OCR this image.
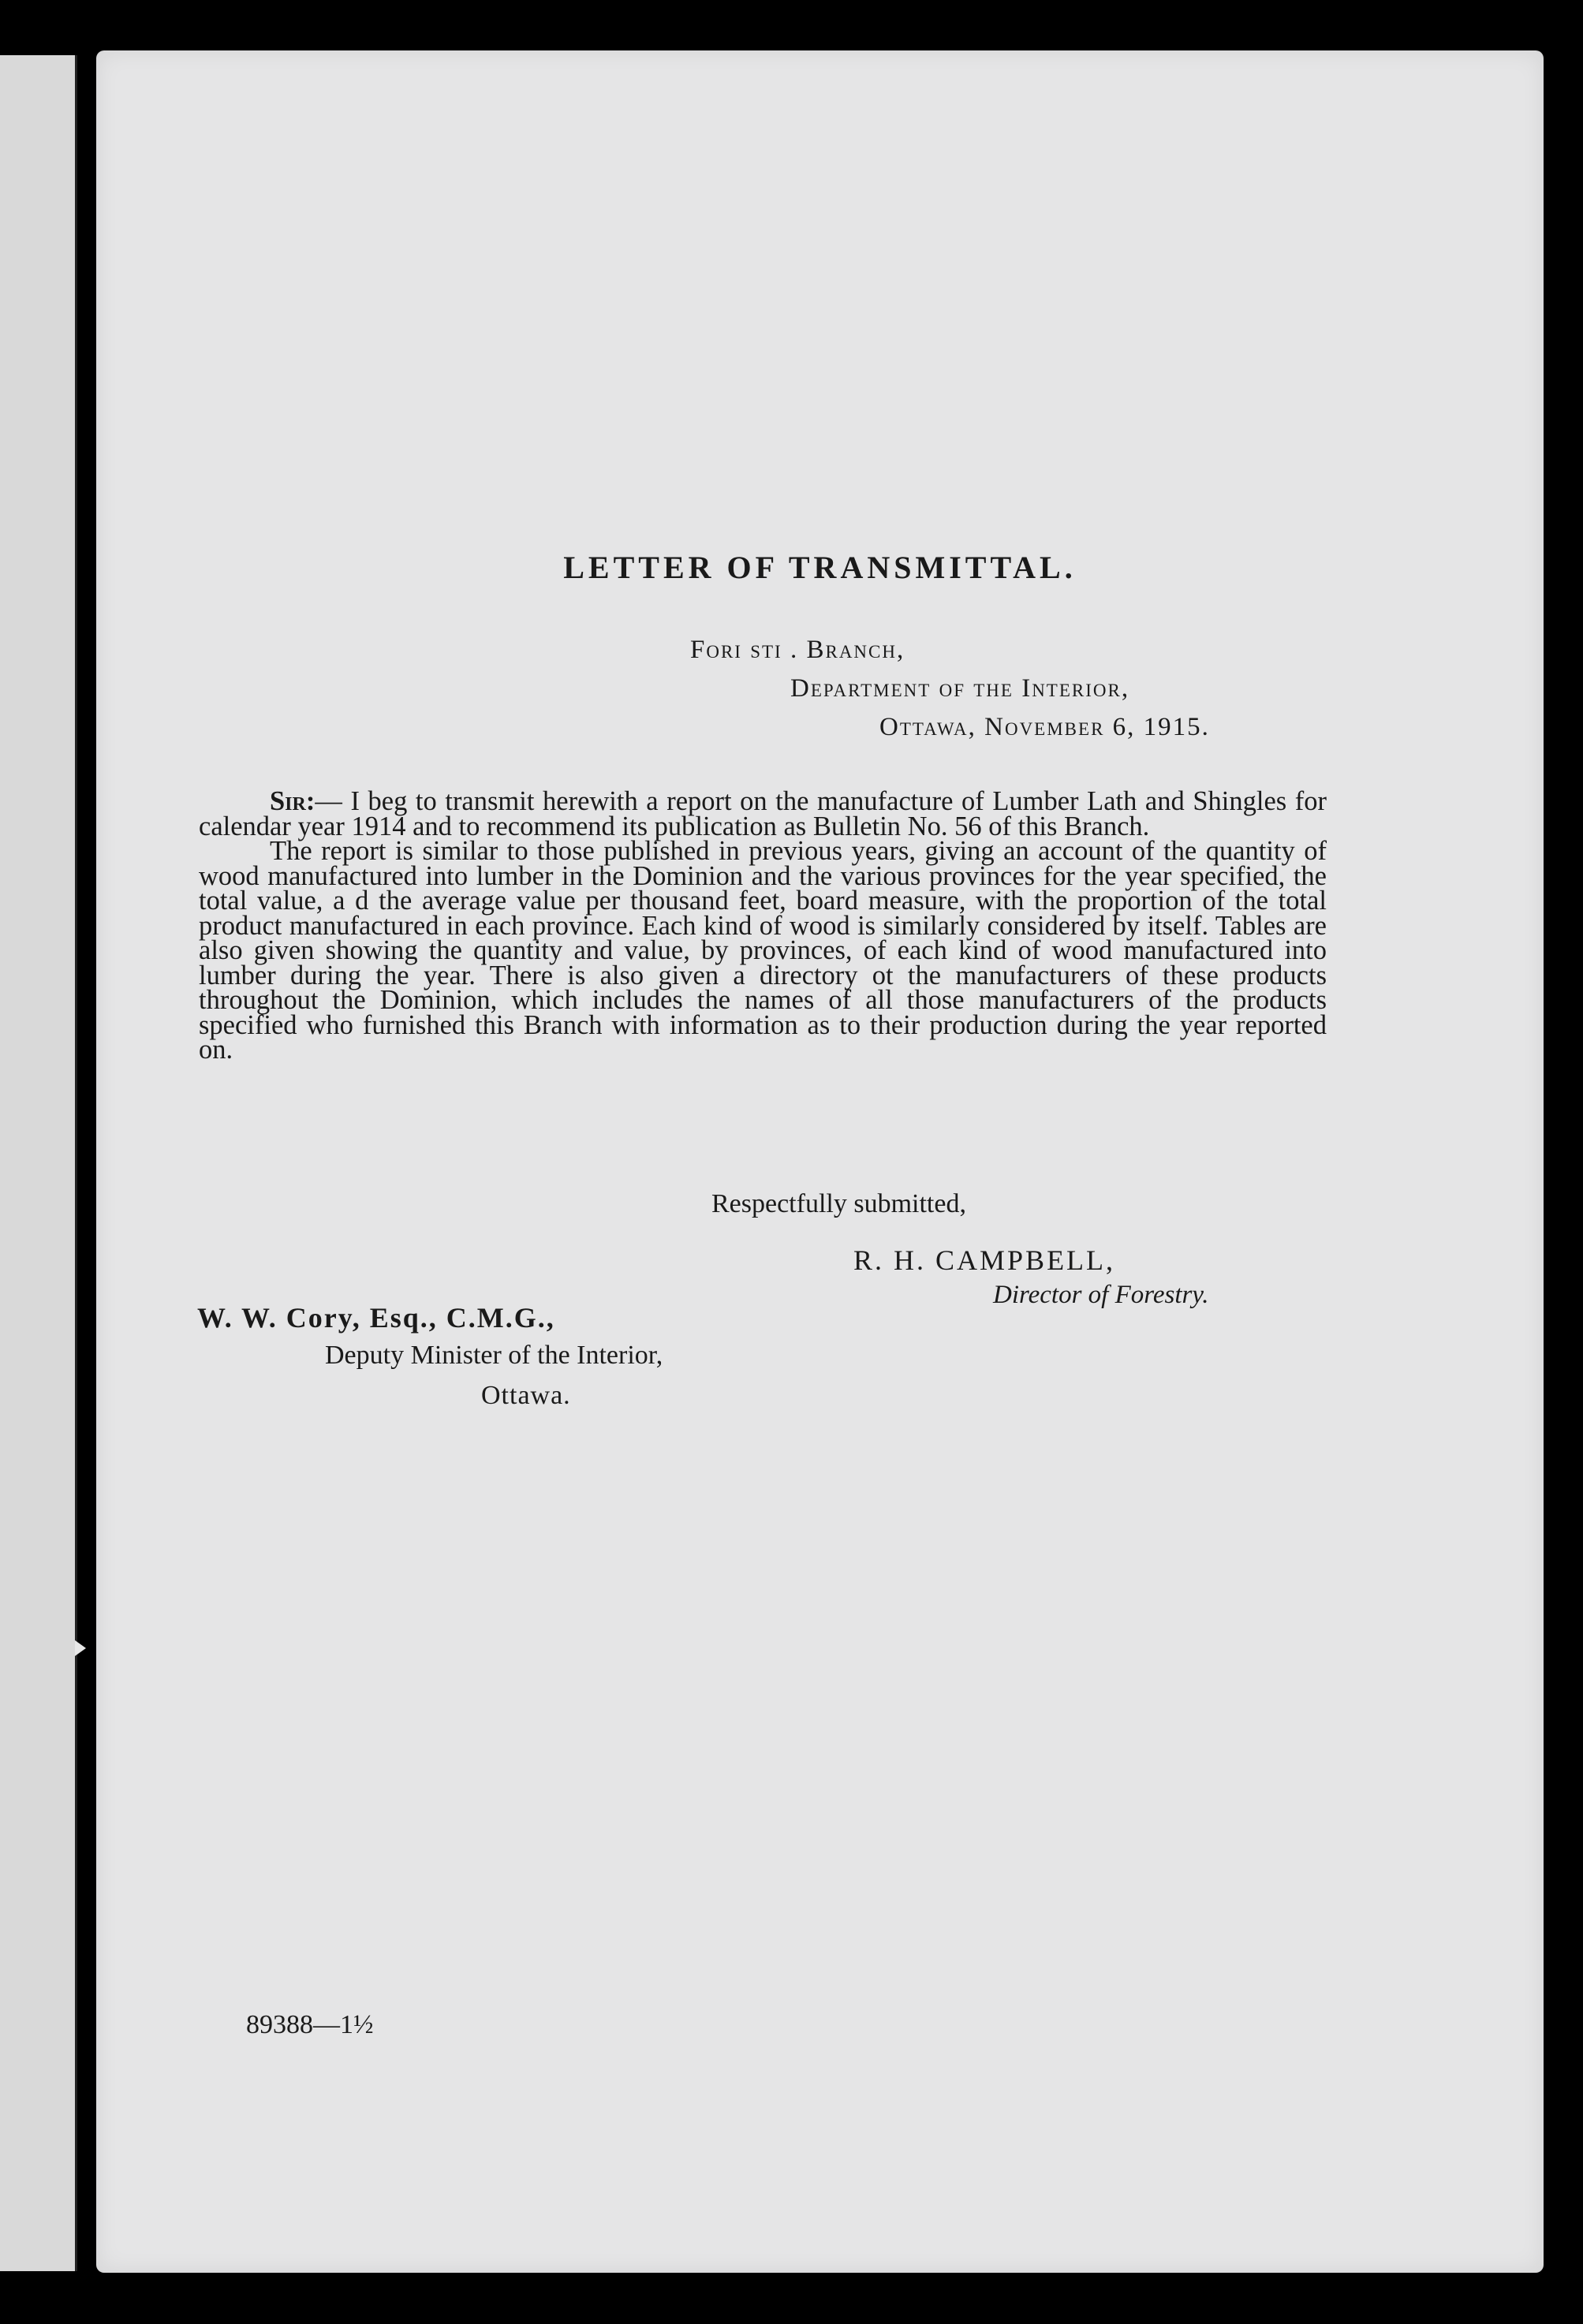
LETTER OF TRANSMITTAL.
Fori sti . Branch,
Department of the Interior,
Ottawa, November 6, 1915.

Sir:— I beg to transmit herewith a report on the manufacture of Lumber Lath and Shingles for calendar year 1914 and to recommend its publication as Bulletin No. 56 of this Branch.

The report is similar to those published in previous years, giving an account of the quantity of wood manufactured into lumber in the Dominion and the various provinces for the year specified, the total value, a d the average value per thousand feet, board measure, with the proportion of the total product manufactured in each province. Each kind of wood is similarly considered by itself. Tables are also given showing the quantity and value, by provinces, of each kind of wood manufactured into lumber during the year. There is also given a directory ot the manufacturers of these products throughout the Dominion, which includes the names of all those manufacturers of the products specified who furnished this Branch with information as to their production during the year reported on.

Respectfully submitted,
R. H. CAMPBELL,
Director of Forestry.
W. W. Cory, Esq., C.M.G.,
Deputy Minister of the Interior,
Ottawa.
89388—1½
